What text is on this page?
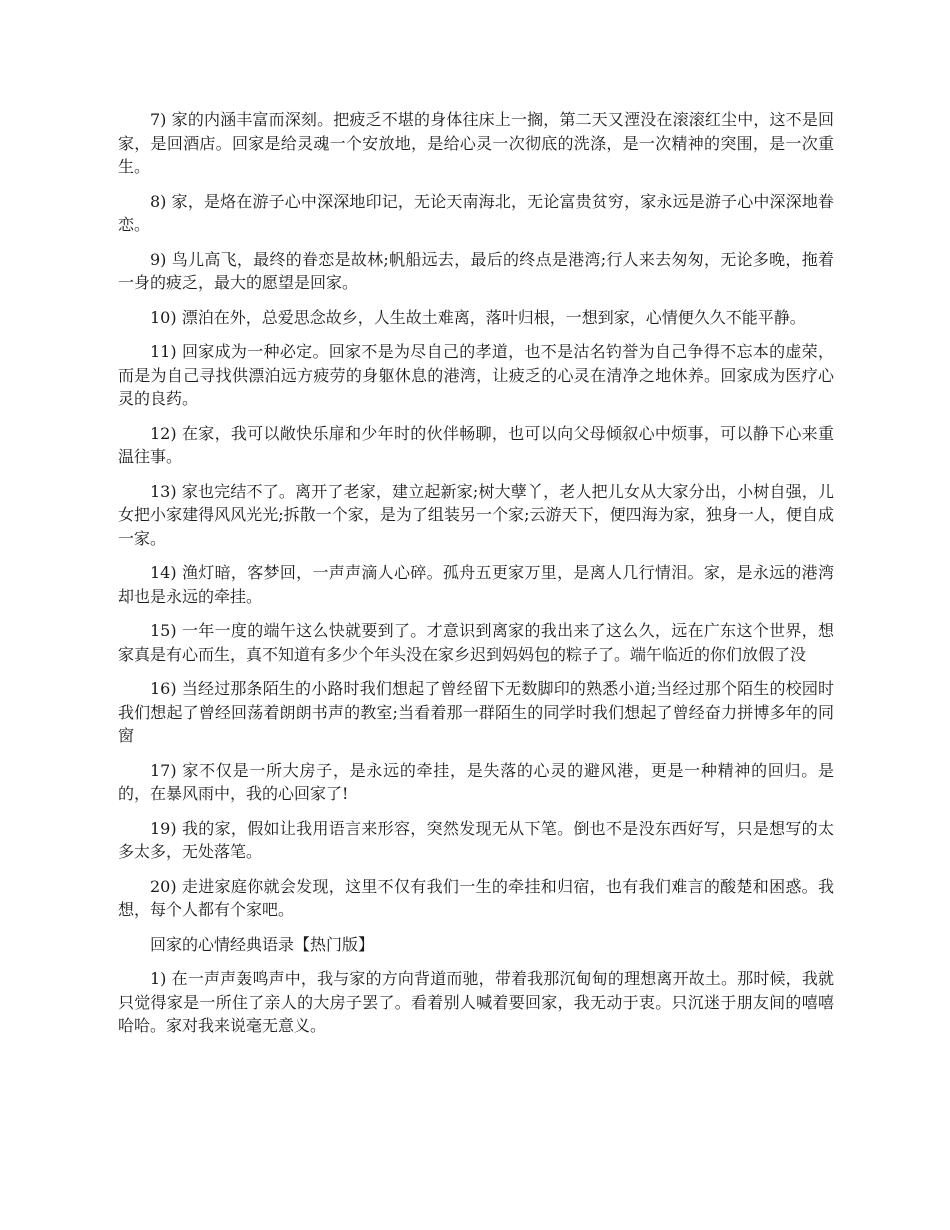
7) 家的内涵丰富而深刻。把疲乏不堪的身体往床上一搁，第二天又湮没在滚滚红尘中，这不是回家，是回酒店。回家是给灵魂一个安放地，是给心灵一次彻底的洗涤，是一次精神的突围，是一次重生。

8) 家，是烙在游子心中深深地印记，无论天南海北，无论富贵贫穷，家永远是游子心中深深地眷恋。

9) 鸟儿高飞，最终的眷恋是故林;帆船远去，最后的终点是港湾;行人来去匆匆，无论多晚，拖着一身的疲乏，最大的愿望是回家。

10) 漂泊在外，总爱思念故乡，人生故土难离，落叶归根，一想到家，心情便久久不能平静。

11) 回家成为一种必定。回家不是为尽自己的孝道，也不是沽名钓誉为自己争得不忘本的虚荣，而是为自己寻找供漂泊远方疲劳的身躯休息的港湾，让疲乏的心灵在清净之地休养。回家成为医疗心灵的良药。

12) 在家，我可以敞快乐扉和少年时的伙伴畅聊，也可以向父母倾叙心中烦事，可以静下心来重温往事。

13) 家也完结不了。离开了老家，建立起新家;树大孽丫，老人把儿女从大家分出，小树自强，儿女把小家建得风风光光;拆散一个家，是为了组装另一个家;云游天下，便四海为家，独身一人，便自成一家。

14) 渔灯暗，客梦回，一声声滴人心碎。孤舟五更家万里，是离人几行情泪。家，是永远的港湾却也是永远的牵挂。

15) 一年一度的端午这么快就要到了。才意识到离家的我出来了这么久，远在广东这个世界，想家真是有心而生，真不知道有多少个年头没在家乡迟到妈妈包的粽子了。端午临近的你们放假了没

16) 当经过那条陌生的小路时我们想起了曾经留下无数脚印的熟悉小道;当经过那个陌生的校园时我们想起了曾经回荡着朗朗书声的教室;当看着那一群陌生的同学时我们想起了曾经奋力拼博多年的同窗

17) 家不仅是一所大房子，是永远的牵挂，是失落的心灵的避风港，更是一种精神的回归。是的，在暴风雨中，我的心回家了!

19) 我的家，假如让我用语言来形容，突然发现无从下笔。倒也不是没东西好写，只是想写的太多太多，无处落笔。

20) 走进家庭你就会发现，这里不仅有我们一生的牵挂和归宿，也有我们难言的酸楚和困惑。我想，每个人都有个家吧。

回家的心情经典语录【热门版】

1) 在一声声轰鸣声中，我与家的方向背道而驰，带着我那沉甸甸的理想离开故土。那时候，我就只觉得家是一所住了亲人的大房子罢了。看着别人喊着要回家，我无动于衷。只沉迷于朋友间的嘻嘻哈哈。家对我来说毫无意义。
